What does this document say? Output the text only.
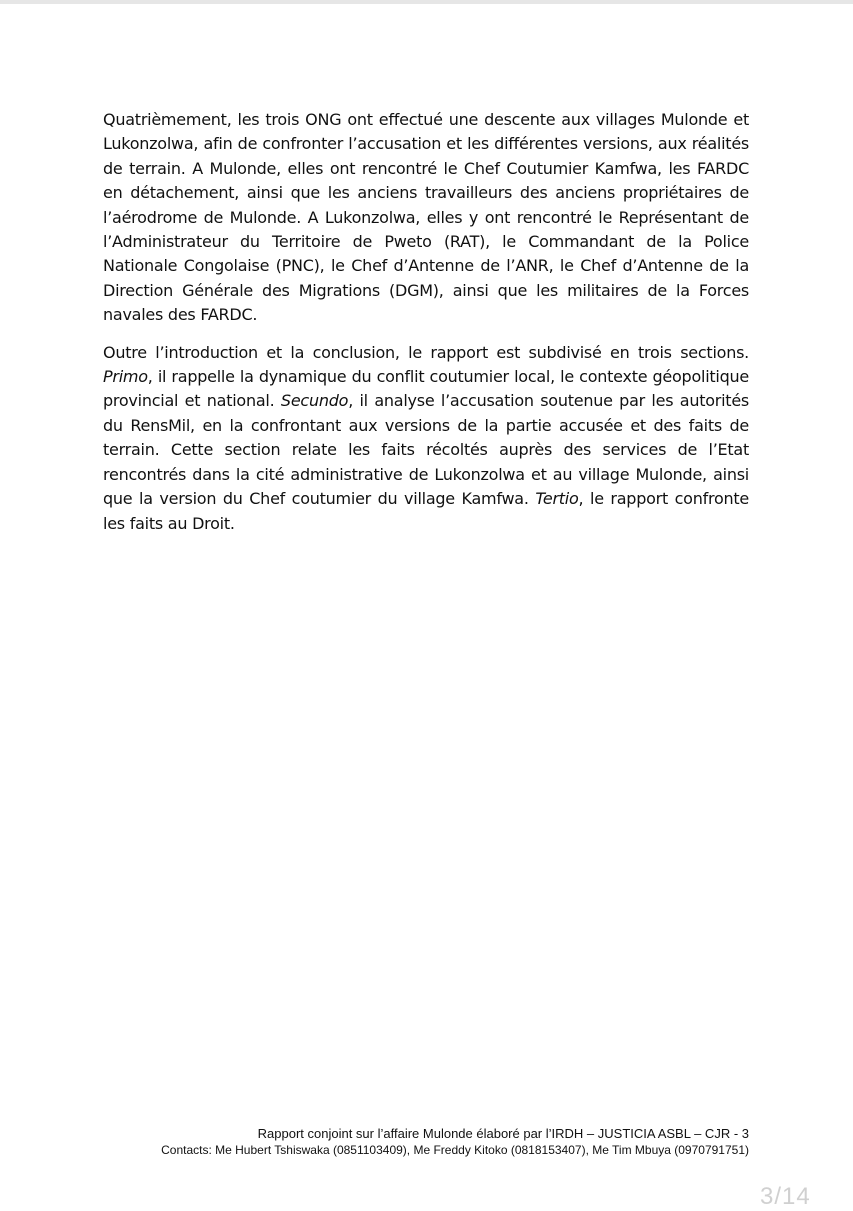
Quatrièmement, les trois ONG ont effectué une descente aux villages Mulonde et Lukonzolwa, afin de confronter l’accusation et les différentes versions, aux réalités de terrain. A Mulonde, elles ont rencontré le Chef Coutumier Kamfwa, les FARDC en détachement, ainsi que les anciens travailleurs des anciens propriétaires de l’aérodrome de Mulonde. A Lukonzolwa, elles y ont rencontré le Représentant de l’Administrateur du Territoire de Pweto (RAT), le Commandant de la Police Nationale Congolaise (PNC), le Chef d’Antenne de l’ANR, le Chef d’Antenne de la Direction Générale des Migrations (DGM), ainsi que les militaires de la Forces navales des FARDC.

Outre l’introduction et la conclusion, le rapport est subdivisé en trois sections. Primo, il rappelle la dynamique du conflit coutumier local, le contexte géopolitique provincial et national. Secundo, il analyse l’accusation soutenue par les autorités du RensMil, en la confrontant aux versions de la partie accusée et des faits de terrain. Cette section relate les faits récoltés auprès des services de l’Etat rencontrés dans la cité administrative de Lukonzolwa et au village Mulonde, ainsi que la version du Chef coutumier du village Kamfwa. Tertio, le rapport confronte les faits au Droit.

Rapport conjoint sur l’affaire Mulonde élaboré par l’IRDH – JUSTICIA ASBL – CJR - 3
Contacts: Me Hubert Tshiswaka (0851103409), Me Freddy Kitoko (0818153407), Me Tim Mbuya (0970791751)
3/14
